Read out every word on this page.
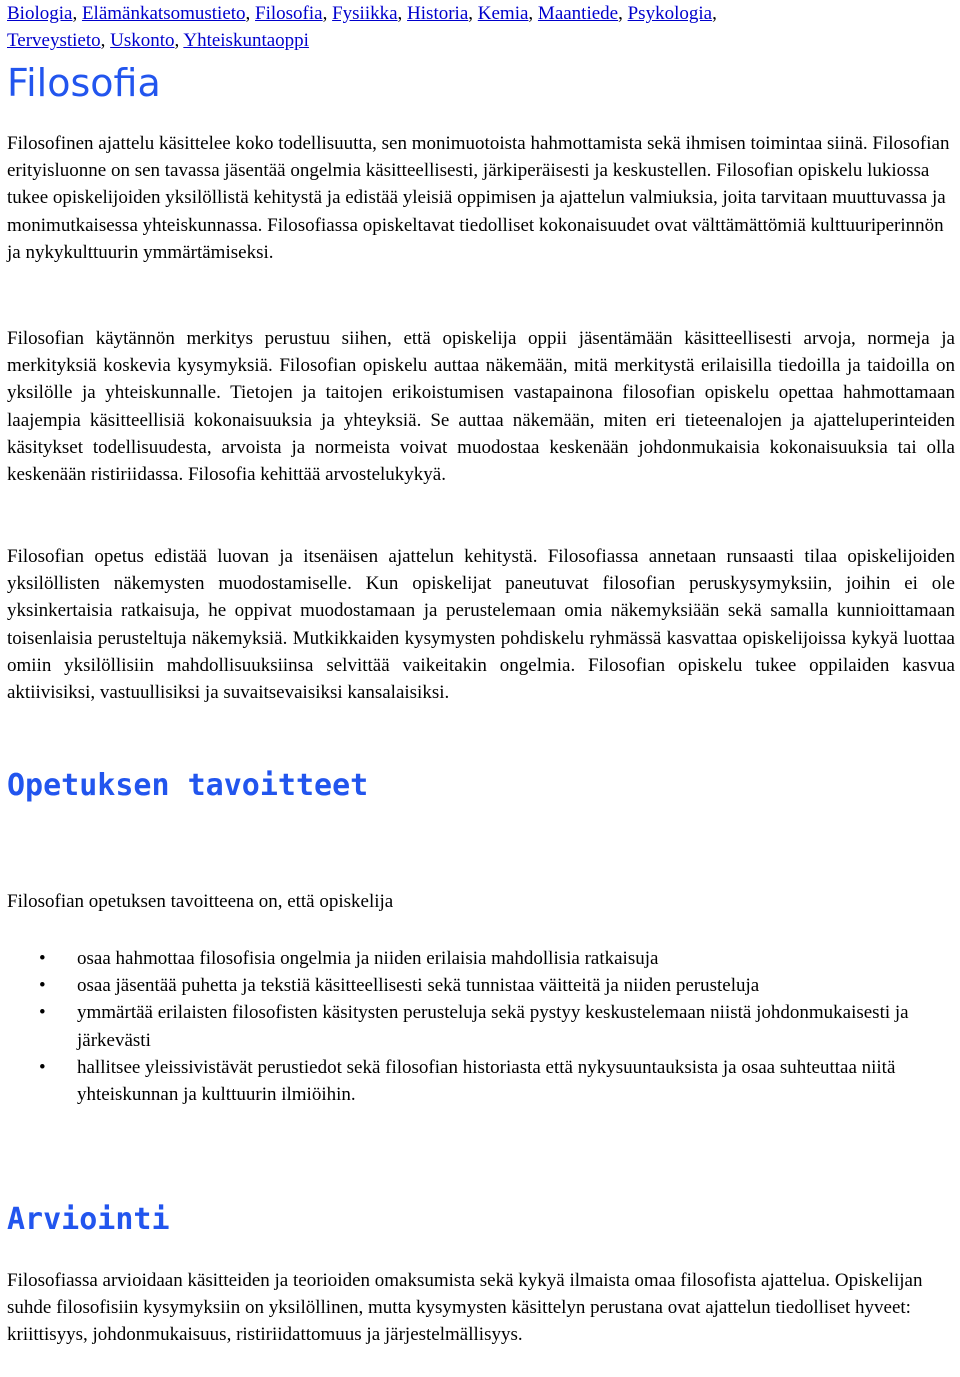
Biologia, Elämänkatsomustieto, Filosofia, Fysiikka, Historia, Kemia, Maantiede, Psykologia,
Terveystieto, Uskonto, Yhteiskuntaoppi
Filosofia

Filosofinen ajattelu käsittelee koko todellisuutta, sen monimuotoista hahmottamista sekä ihmisen toimintaa siinä. Filosofian erityisluonne on sen tavassa jäsentää ongelmia käsitteellisesti, järkiperäisesti ja keskustellen. Filosofian opiskelu lukiossa tukee opiskelijoiden yksilöllistä kehitystä ja edistää yleisiä oppimisen ja ajattelun valmiuksia, joita tarvitaan muuttuvassa ja monimutkaisessa yhteiskunnassa. Filosofiassa opiskeltavat tiedolliset kokonaisuudet ovat välttämättömiä kulttuuriperinnön ja nykykulttuurin ymmärtämiseksi.

Filosofian käytännön merkitys perustuu siihen, että opiskelija oppii jäsentämään käsitteellisesti arvoja, normeja ja merkityksiä koskevia kysymyksiä. Filosofian opiskelu auttaa näkemään, mitä merkitystä erilaisilla tiedoilla ja taidoilla on yksilölle ja yhteiskunnalle. Tietojen ja taitojen erikoistumisen vastapainona filosofian opiskelu opettaa hahmottamaan laajempia käsitteellisiä kokonaisuuksia ja yhteyksiä. Se auttaa näkemään, miten eri tieteenalojen ja ajatteluperinteiden käsitykset todellisuudesta, arvoista ja normeista voivat muodostaa keskenään johdonmukaisia kokonaisuuksia tai olla keskenään ristiriidassa. Filosofia kehittää arvostelukykyä.

Filosofian opetus edistää luovan ja itsenäisen ajattelun kehitystä. Filosofiassa annetaan runsaasti tilaa opiskelijoiden yksilöllisten näkemysten muodostamiselle. Kun opiskelijat paneutuvat filosofian peruskysymyksiin, joihin ei ole yksinkertaisia ratkaisuja, he oppivat muodostamaan ja perustelemaan omia näkemyksiään sekä samalla kunnioittamaan toisenlaisia perusteltuja näkemyksiä. Mutkikkaiden kysymysten pohdiskelu ryhmässä kasvattaa opiskelijoissa kykyä luottaa omiin yksilöllisiin mahdollisuuksiinsa selvittää vaikeitakin ongelmia. Filosofian opiskelu tukee oppilaiden kasvua aktiivisiksi, vastuullisiksi ja suvaitsevaisiksi kansalaisiksi.

Opetuksen tavoitteet

Filosofian opetuksen tavoitteena on, että opiskelija

• osaa hahmottaa filosofisia ongelmia ja niiden erilaisia mahdollisia ratkaisuja
• osaa jäsentää puhetta ja tekstiä käsitteellisesti sekä tunnistaa väitteitä ja niiden perusteluja
• ymmärtää erilaisten filosofisten käsitysten perusteluja sekä pystyy keskustelemaan niistä johdonmukaisesti ja järkevästi
• hallitsee yleissivistävät perustiedot sekä filosofian historiasta että nykysuuntauksista ja osaa suhteuttaa niitä yhteiskunnan ja kulttuurin ilmiöihin.
Arviointi

Filosofiassa arvioidaan käsitteiden ja teorioiden omaksumista sekä kykyä ilmaista omaa filosofista ajattelua. Opiskelijan suhde filosofisiin kysymyksiin on yksilöllinen, mutta kysymysten käsittelyn perustana ovat ajattelun tiedolliset hyveet: kriittisyys, johdonmukaisuus, ristiriidattomuus ja järjestelmällisyys.
